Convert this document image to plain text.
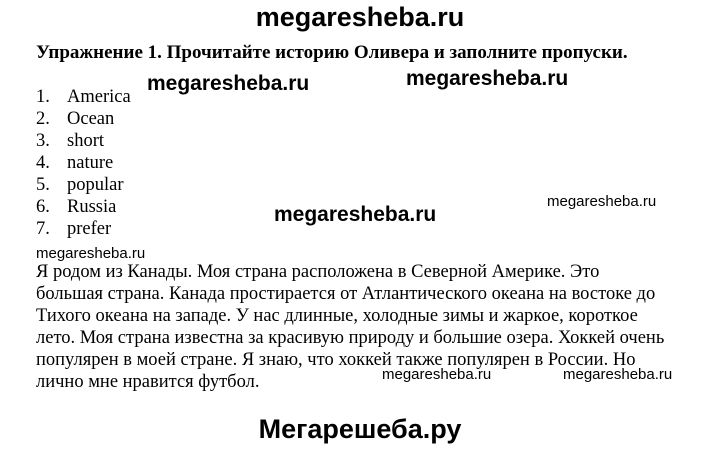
megaresheba.ru
Упражнение 1. Прочитайте историю Оливера и заполните пропуски.
megaresheba.ru	megaresheba.ru
1. America
2. Ocean
3. short
4. nature
5. popular
6. Russia
7. prefer
megaresheba.ru
megaresheba.ru
megaresheba.ru

Я родом из Канады. Моя страна расположена в Северной Америке. Это

большая страна. Канада простирается от Атлантического океана на востоке до

Тихого океана на западе. У нас длинные, холодные зимы и жаркое, короткое

лето. Моя страна известна за красивую природу и большие озера. Хоккей очень

популярен в моей стране. Я знаю, что хоккей также популярен в России. Но

лично мне нравится футбол.	megaresheba.ru	megaresheba.ru
Мегарешеба.ру
